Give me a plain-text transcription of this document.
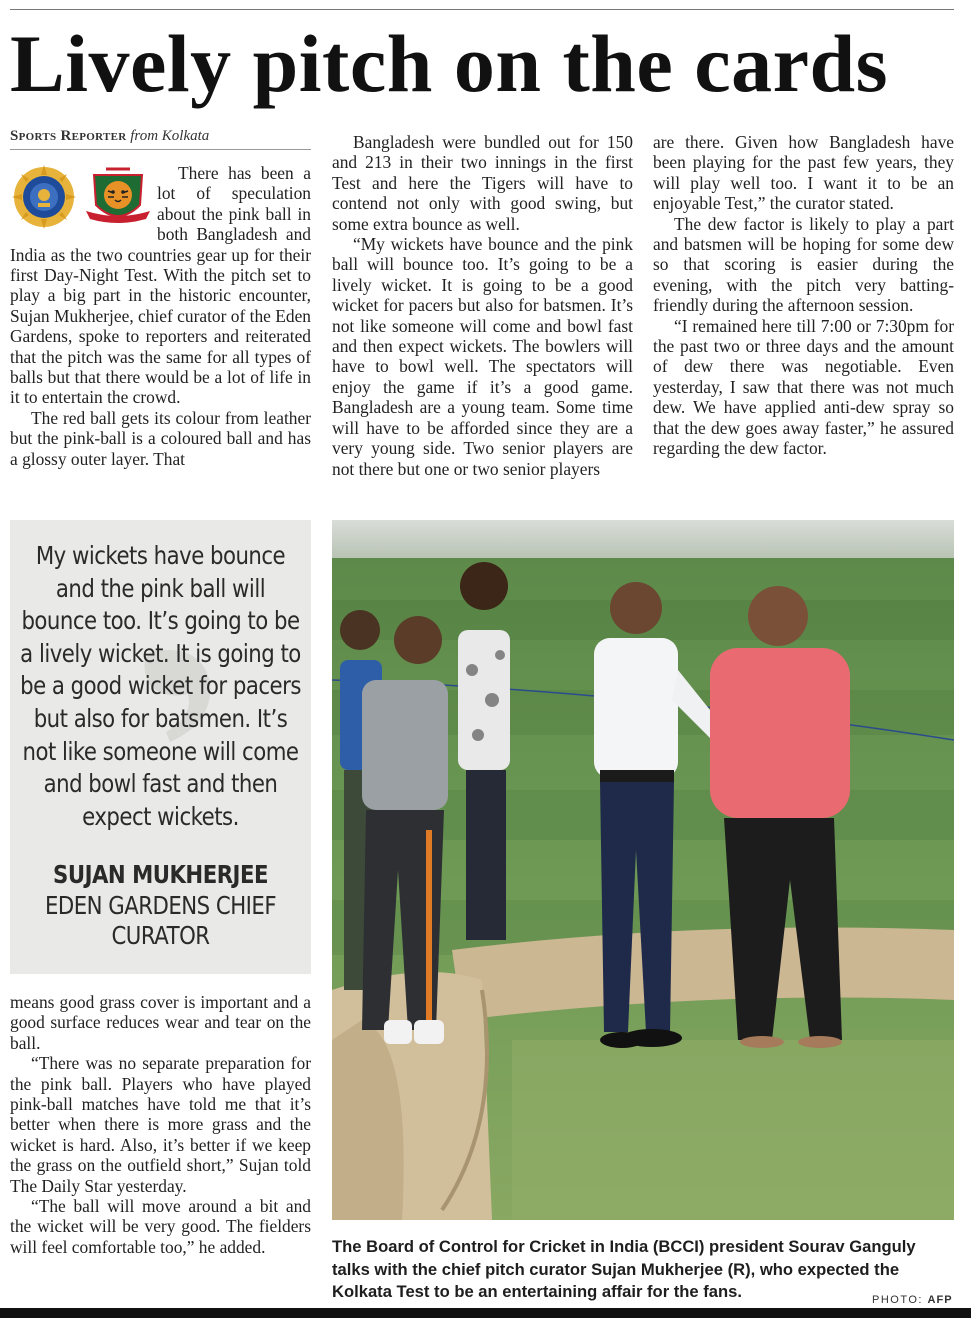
Lively pitch on the cards
Sports Reporter from Kolkata

There has been a lot of speculation about the pink ball in both Bangladesh and India as the two countries gear up for their first Day-Night Test. With the pitch set to play a big part in the historic encounter, Sujan Mukherjee, chief curator of the Eden Gardens, spoke to reporters and reiterated that the pitch was the same for all types of balls but that there would be a lot of life in it to entertain the crowd.

The red ball gets its colour from leather but the pink-ball is a coloured ball and has a glossy outer layer. That

Bangladesh were bundled out for 150 and 213 in their two innings in the first Test and here the Tigers will have to contend not only with good swing, but some extra bounce as well.

“My wickets have bounce and the pink ball will bounce too. It’s going to be a lively wicket. It is going to be a good wicket for pacers but also for batsmen. It’s not like someone will come and bowl fast and then expect wickets. The bowlers will have to bowl well. The spectators will enjoy the game if it’s a good game. Bangladesh are a young team. Some time will have to be afforded since they are a very young side. Two senior players are not there but one or two senior players

are there. Given how Bangladesh have been playing for the past few years, they will play well too. I want it to be an enjoyable Test,” the curator stated.

The dew factor is likely to play a part and batsmen will be hoping for some dew so that scoring is easier during the evening, with the pitch very batting-friendly during the afternoon session.

“I remained here till 7:00 or 7:30pm for the past two or three days and the amount of dew there was negotiable. Even yesterday, I saw that there was not much dew. We have applied anti-dew spray so that the dew goes away faster,” he assured regarding the dew factor.

My wickets have bounce
and the pink ball will
bounce too. It’s going to be
a lively wicket. It is going to
be a good wicket for pacers
but also for batsmen. It’s
not like someone will come
and bowl fast and then
expect wickets.
SUJAN MUKHERJEE
EDEN GARDENS CHIEF
CURATOR

means good grass cover is important and a good surface reduces wear and tear on the ball.

“There was no separate preparation for the pink ball. Players who have played pink-ball matches have told me that it’s better when there is more grass and the wicket is hard. Also, it’s better if we keep the grass on the outfield short,” Sujan told The Daily Star yesterday.

“The ball will move around a bit and the wicket will be very good. The fielders will feel comfortable too,” he added.	The Board of Control for Cricket in India (BCCI) president Sourav Ganguly talks with the chief pitch curator Sujan Mukherjee (R), who expected the Kolkata Test to be an entertaining affair for the fans.	PHOTO: AFP
